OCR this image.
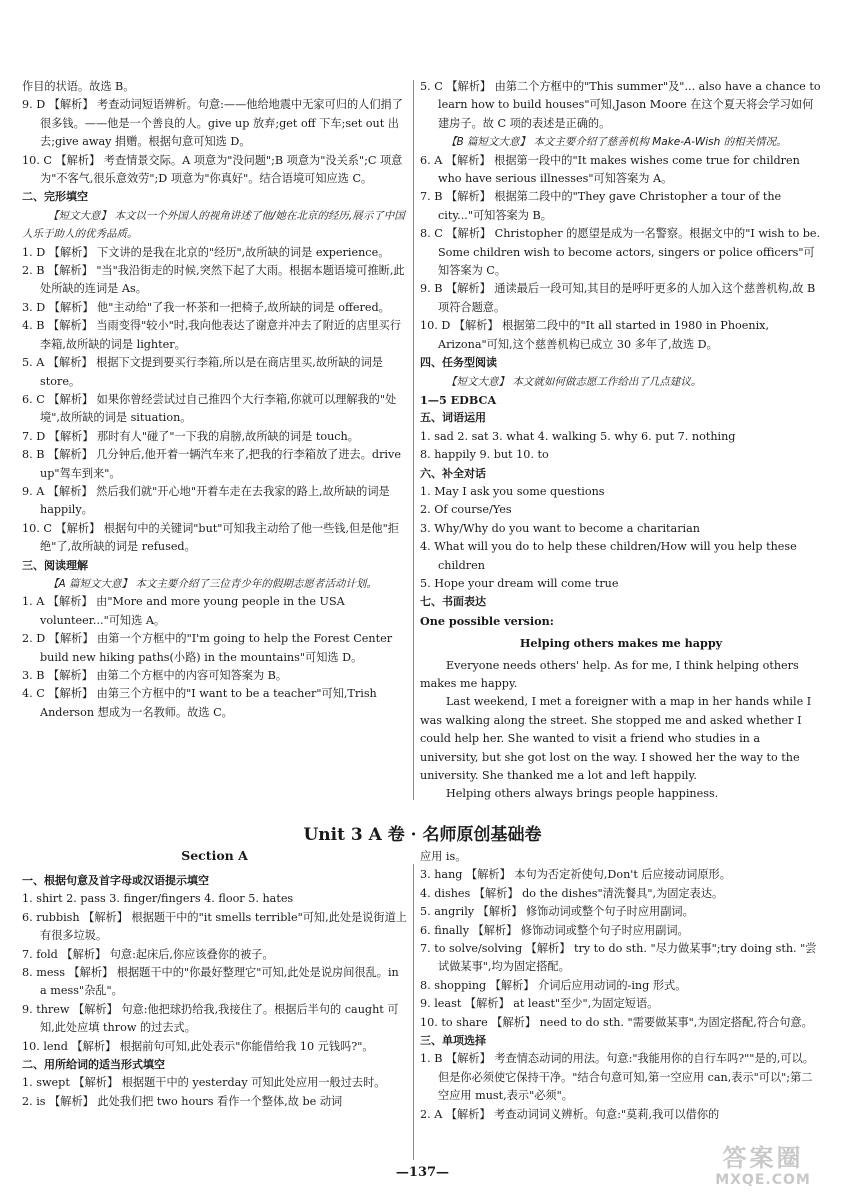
作目的状语。故选 B。
9. D 【解析】 考查动词短语辨析。句意:——他给地震中无家可归的人们捐了很多钱。——他是一个善良的人。give up 放弃;get off 下车;set out 出去;give away 捐赠。根据句意可知选 D。
10. C 【解析】 考查情景交际。A 项意为"没问题";B 项意为"没关系";C 项意为"不客气,很乐意效劳";D 项意为"你真好"。结合语境可知应选 C。
二、完形填空
【短文大意】 本文以一个外国人的视角讲述了他/她在北京的经历,展示了中国人乐于助人的优秀品质。
1. D 【解析】 下文讲的是我在北京的"经历",故所缺的词是 experience。
2. B 【解析】 "当"我沿街走的时候,突然下起了大雨。根据本题语境可推断,此处所缺的连词是 As。
3. D 【解析】 他"主动给"了我一杯茶和一把椅子,故所缺的词是 offered。
4. B 【解析】 当雨变得"较小"时,我向他表达了谢意并冲去了附近的店里买行李箱,故所缺的词是 lighter。
5. A 【解析】 根据下文提到要买行李箱,所以是在商店里买,故所缺的词是 store。
6. C 【解析】 如果你曾经尝试过自己推四个大行李箱,你就可以理解我的"处境",故所缺的词是 situation。
7. D 【解析】 那时有人"碰了"一下我的肩膀,故所缺的词是 touch。
8. B 【解析】 几分钟后,他开着一辆汽车来了,把我的行李箱放了进去。drive up"驾车到来"。
9. A 【解析】 然后我们就"开心地"开着车走在去我家的路上,故所缺的词是 happily。
10. C 【解析】 根据句中的关键词"but"可知我主动给了他一些钱,但是他"拒绝"了,故所缺的词是 refused。
三、阅读理解
【A 篇短文大意】 本文主要介绍了三位青少年的假期志愿者活动计划。
1. A 【解析】 由"More and more young people in the USA volunteer..."可知选 A。
2. D 【解析】 由第一个方框中的"I'm going to help the Forest Center build new hiking paths(小路) in the mountains"可知选 D。
3. B 【解析】 由第二个方框中的内容可知答案为 B。
4. C 【解析】 由第三个方框中的"I want to be a teacher"可知,Trish Anderson 想成为一名教师。故选 C。
5. C 【解析】 由第二个方框中的"This summer"及"... also have a chance to learn how to build houses"可知,Jason Moore 在这个夏天将会学习如何建房子。故 C 项的表述是正确的。
【B 篇短文大意】 本文主要介绍了慈善机构 Make-A-Wish 的相关情况。
6. A 【解析】 根据第一段中的"It makes wishes come true for children who have serious illnesses"可知答案为 A。
7. B 【解析】 根据第二段中的"They gave Christopher a tour of the city..."可知答案为 B。
8. C 【解析】 Christopher 的愿望是成为一名警察。根据文中的"I wish to be. Some children wish to become actors, singers or police officers"可知答案为 C。
9. B 【解析】 通读最后一段可知,其目的是呼吁更多的人加入这个慈善机构,故 B 项符合题意。
10. D 【解析】 根据第二段中的"It all started in 1980 in Phoenix, Arizona"可知,这个慈善机构已成立 30 多年了,故选 D。
四、任务型阅读
【短文大意】 本文就如何做志愿工作给出了几点建议。
1—5 EDBCA
五、词语运用
1. sad 2. sat 3. what 4. walking 5. why 6. put 7. nothing
8. happily 9. but 10. to
六、补全对话
1. May I ask you some questions
2. Of course/Yes
3. Why/Why do you want to become a charitarian
4. What will you do to help these children/How will you help these children
5. Hope your dream will come true
七、书面表达
One possible version:
Helping others makes me happy
Everyone needs others' help. As for me, I think helping others makes me happy.
Last weekend, I met a foreigner with a map in her hands while I was walking along the street. She stopped me and asked whether I could help her. She wanted to visit a friend who studies in a university, but she got lost on the way. I showed her the way to the university. She thanked me a lot and left happily.
Helping others always brings people happiness.
Unit 3 A 卷 · 名师原创基础卷
Section A
一、根据句意及首字母或汉语提示填空
1. shirt 2. pass 3. finger/fingers 4. floor 5. hates
6. rubbish 【解析】 根据题干中的"it smells terrible"可知,此处是说街道上有很多垃圾。
7. fold 【解析】 句意:起床后,你应该叠你的被子。
8. mess 【解析】 根据题干中的"你最好整理它"可知,此处是说房间很乱。in a mess"杂乱"。
9. threw 【解析】 句意:他把球扔给我,我接住了。根据后半句的 caught 可知,此处应填 throw 的过去式。
10. lend 【解析】 根据前句可知,此处表示"你能借给我 10 元钱吗?"。
二、用所给词的适当形式填空
1. swept 【解析】 根据题干中的 yesterday 可知此处应用一般过去时。
2. is 【解析】 此处我们把 two hours 看作一个整体,故 be 动词
应用 is。
3. hang 【解析】 本句为否定祈使句,Don't 后应接动词原形。
4. dishes 【解析】 do the dishes"清洗餐具",为固定表达。
5. angrily 【解析】 修饰动词或整个句子时应用副词。
6. finally 【解析】 修饰动词或整个句子时应用副词。
7. to solve/solving 【解析】 try to do sth. "尽力做某事";try doing sth. "尝试做某事",均为固定搭配。
8. shopping 【解析】 介词后应用动词的-ing 形式。
9. least 【解析】 at least"至少",为固定短语。
10. to share 【解析】 need to do sth. "需要做某事",为固定搭配,符合句意。
三、单项选择
1. B 【解析】 考查情态动词的用法。句意:"我能用你的自行车吗?""是的,可以。但是你必须使它保持干净。"结合句意可知,第一空应用 can,表示"可以";第二空应用 must,表示"必须"。
2. A 【解析】 考查动词词义辨析。句意:"莫莉,我可以借你的
—137—
答案圈
MXQE.COM
